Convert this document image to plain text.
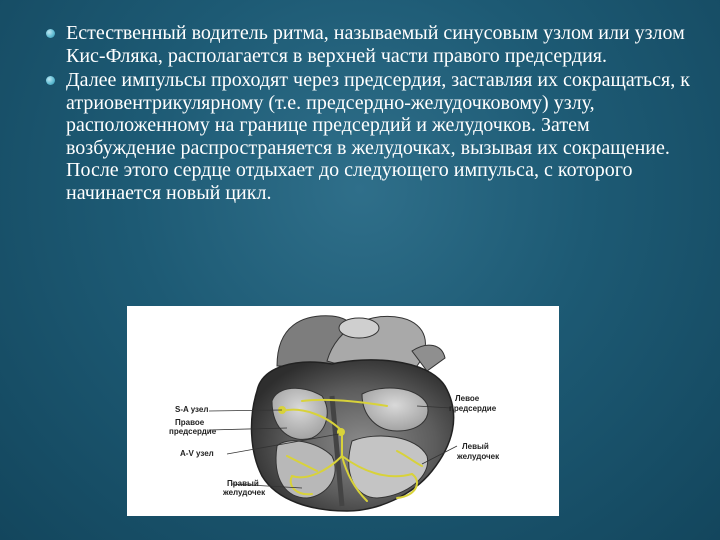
Естественный водитель ритма, называемый синусовым узлом или узлом Кис-Фляка, располагается в верхней части правого предсердия.
Далее импульсы проходят через предсердия, заставляя их сокращаться, к атриовентрикулярному (т.е. предсердно-желудочковому) узлу, расположенному на границе предсердий и желудочков. Затем возбуждение распространяется в желудочках, вызывая их сокращение. После этого сердце отдыхает до следующего импульса, с которого начинается новый цикл.
S-A узел
Правое
предсердие
A-V узел
Правый
желудочек
Левое
предсердие
Левый
желудочек
